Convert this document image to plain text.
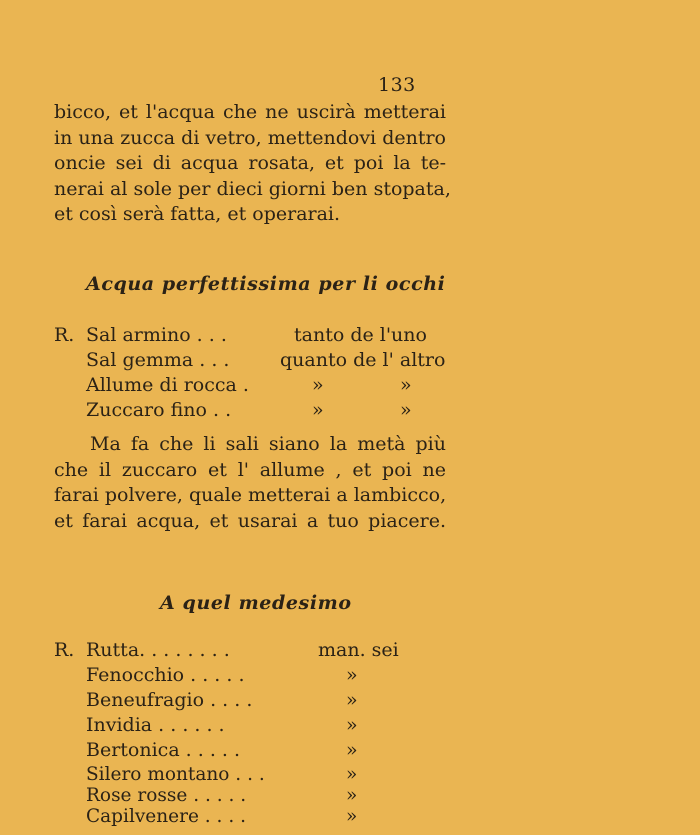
133

bicco, et l'acqua che ne uscirà metterai
in una zucca di vetro, mettendovi dentro
oncie sei di acqua rosata, et poi la te-
nerai al sole per dieci giorni ben stopata,
et così serà fatta, et operarai.

Acqua perfettissima per li occhi
R. Sal armino . . .	tanto de l'uno
Sal gemma . . .	quanto de l' altro
Allume di rocca .	»	»
Zuccaro fino . .	»	»

Ma fa che li sali siano la metà più
che il zuccaro et l' allume , et poi ne
farai polvere, quale metterai a lambicco,
et farai acqua, et usarai a tuo piacere.

A quel medesimo
R. Rutta. . . . . . . .	man. sei
Fenocchio . . . . .	»
Beneufragio . . . .	»
Invidia . . . . . .	»
Bertonica . . . . .	»
Silero montano . . .	»
Rose rosse . . . . .	»
Capilvenere . . . .	»
